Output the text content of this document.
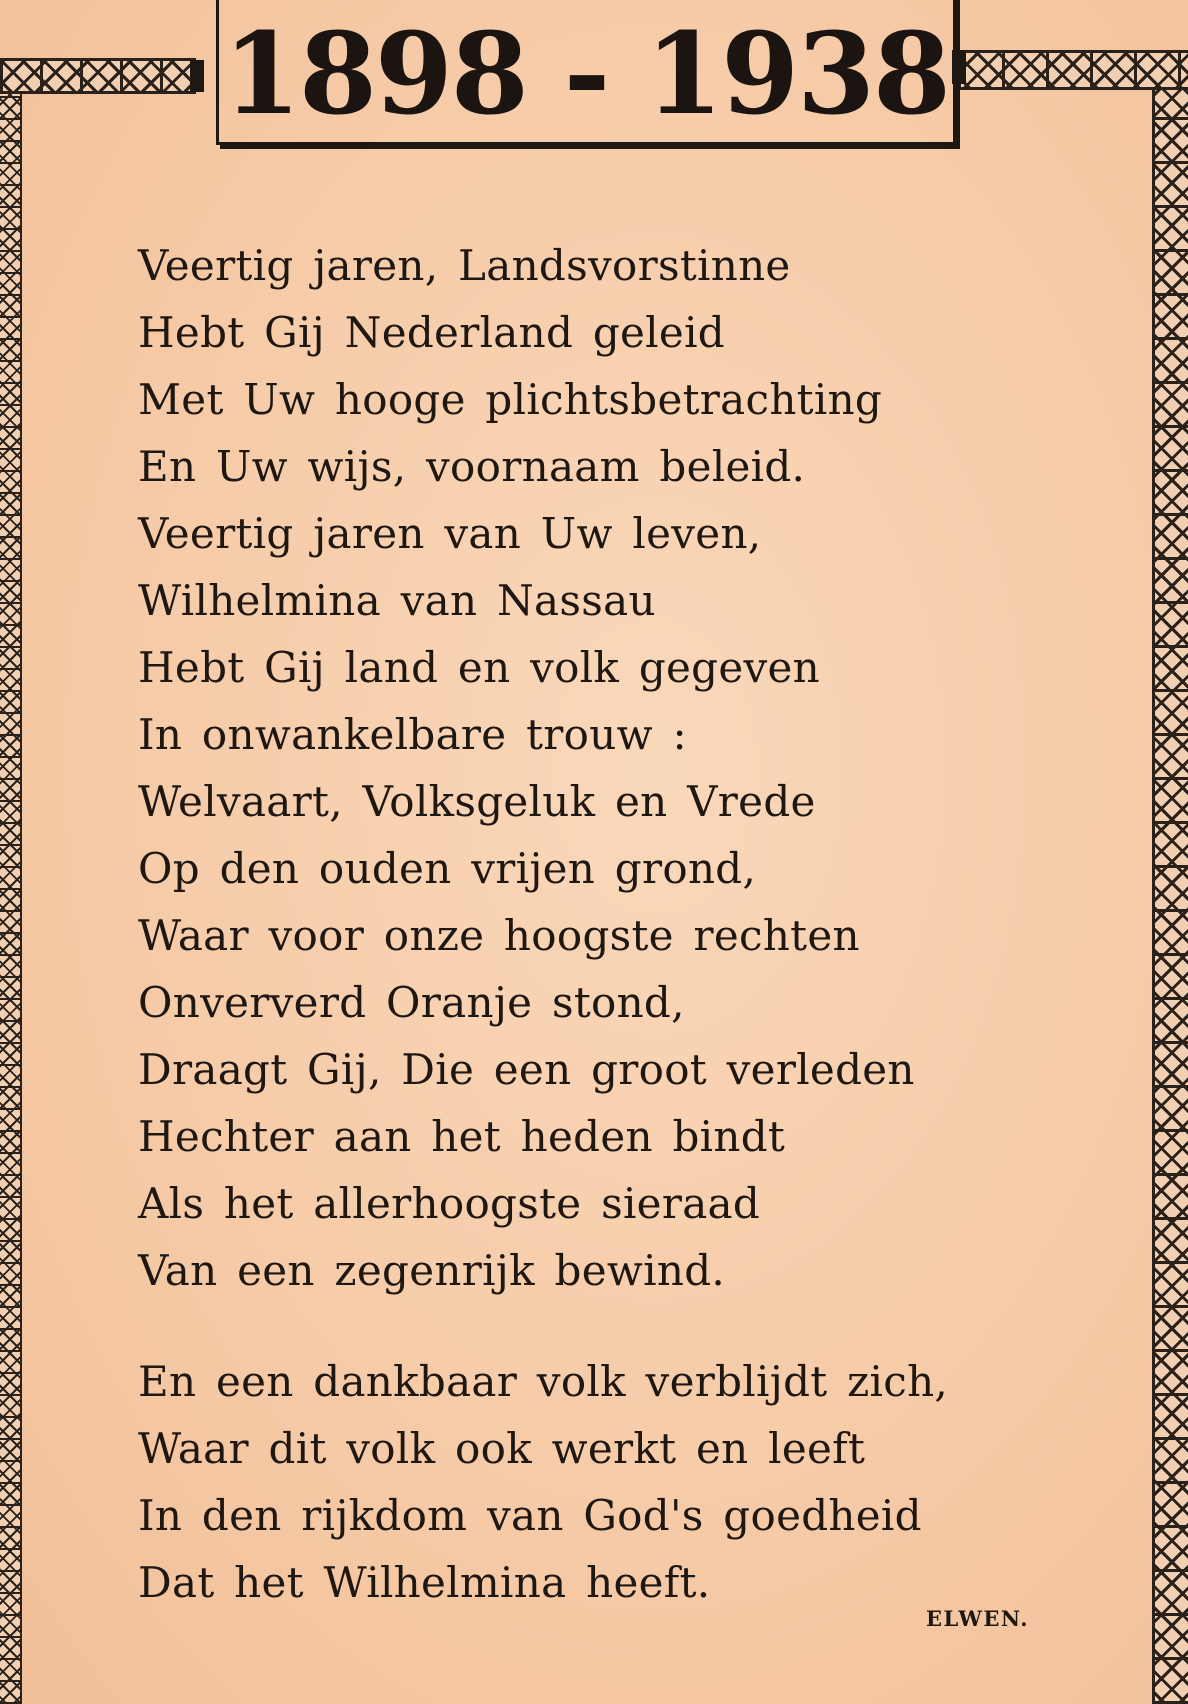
1898 - 1938
Veertig jaren, Landsvorstinne
Hebt Gij Nederland geleid
Met Uw hooge plichtsbetrachting
En Uw wijs, voornaam beleid.
Veertig jaren van Uw leven,
Wilhelmina van Nassau
Hebt Gij land en volk gegeven
In onwankelbare trouw :
Welvaart, Volksgeluk en Vrede
Op den ouden vrijen grond,
Waar voor onze hoogste rechten
Onververd Oranje stond,
Draagt Gij, Die een groot verleden
Hechter aan het heden bindt
Als het allerhoogste sieraad
Van een zegenrijk bewind.
En een dankbaar volk verblijdt zich,
Waar dit volk ook werkt en leeft
In den rijkdom van God's goedheid
Dat het Wilhelmina heeft.
ELWEN.
